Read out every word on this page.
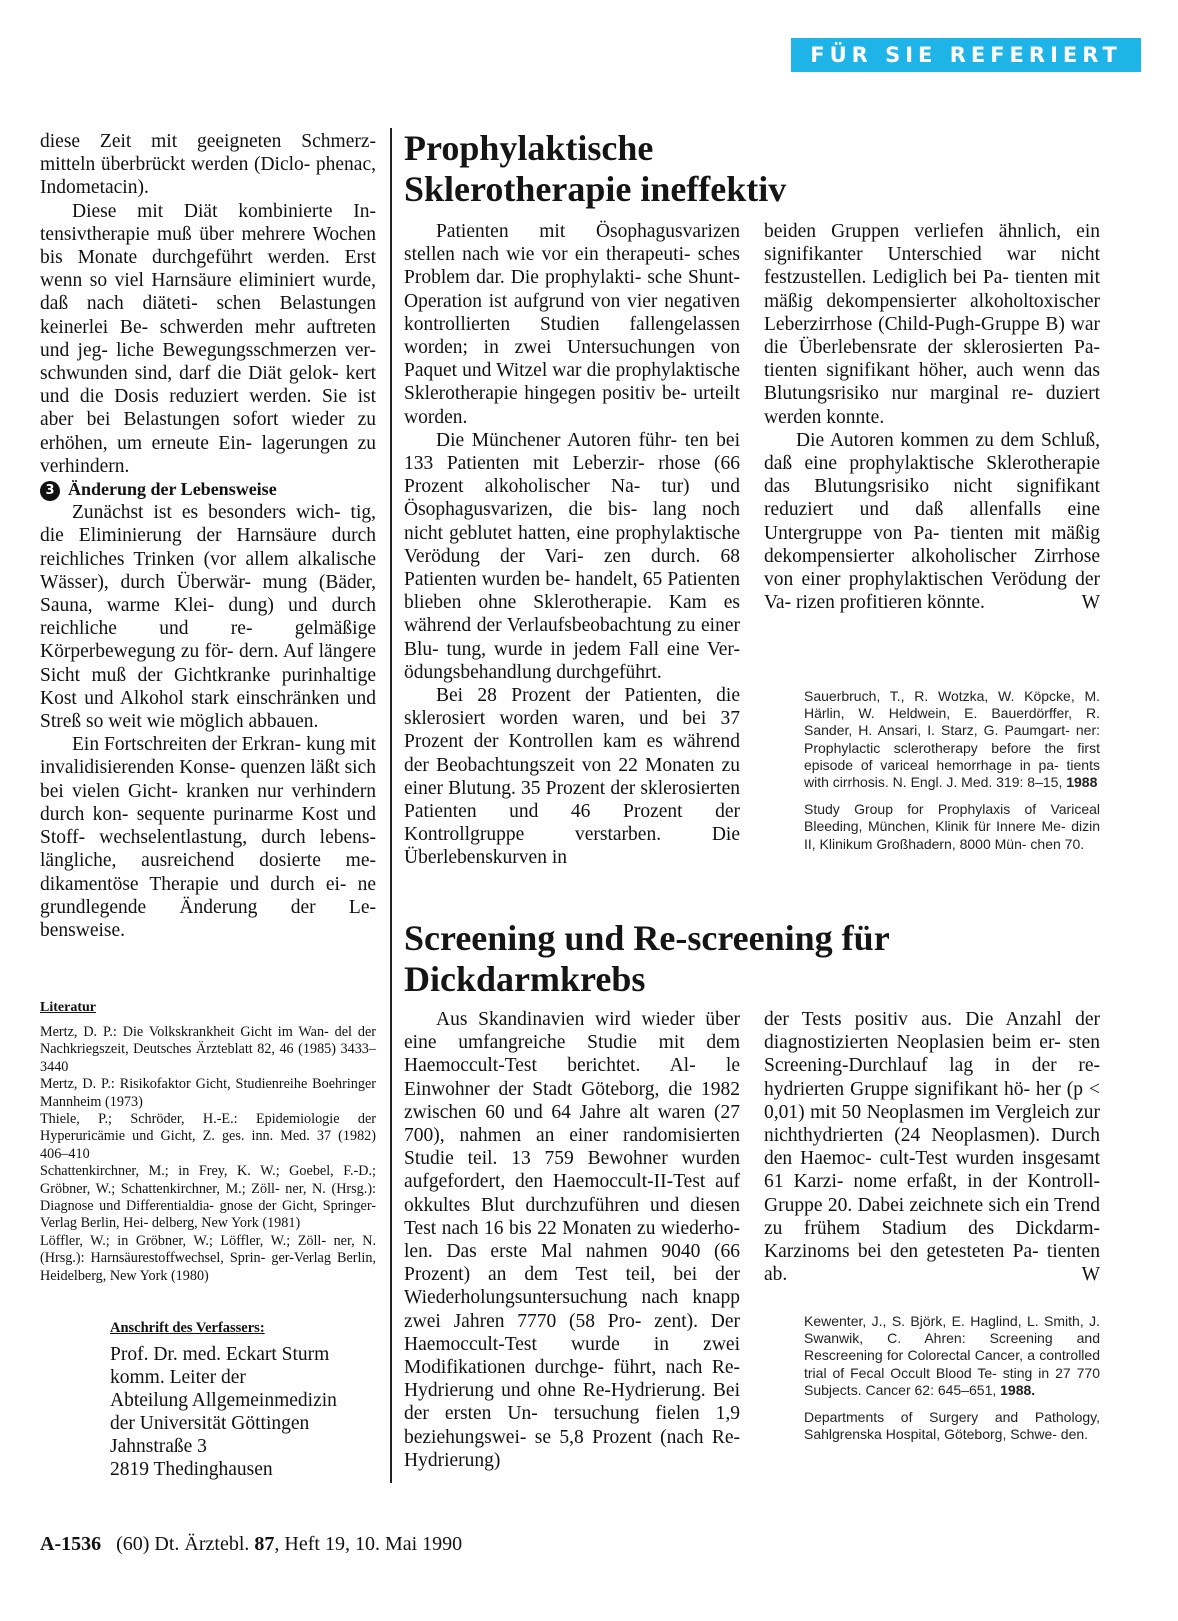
FÜR SIE REFERIERT

diese Zeit mit geeigneten Schmerz- mitteln überbrückt werden (Diclo- phenac, Indometacin).

Diese mit Diät kombinierte In- tensivtherapie muß über mehrere Wochen bis Monate durchgeführt werden. Erst wenn so viel Harnsäure eliminiert wurde, daß nach diäteti- schen Belastungen keinerlei Be- schwerden mehr auftreten und jeg- liche Bewegungsschmerzen ver- schwunden sind, darf die Diät gelok- kert und die Dosis reduziert werden. Sie ist aber bei Belastungen sofort wieder zu erhöhen, um erneute Ein- lagerungen zu verhindern.

3 Änderung der Lebensweise

Zunächst ist es besonders wich- tig, die Eliminierung der Harnsäure durch reichliches Trinken (vor allem alkalische Wässer), durch Überwär- mung (Bäder, Sauna, warme Klei- dung) und durch reichliche und re- gelmäßige Körperbewegung zu för- dern. Auf längere Sicht muß der Gichtkranke purinhaltige Kost und Alkohol stark einschränken und Streß so weit wie möglich abbauen.

Ein Fortschreiten der Erkran- kung mit invalidisierenden Konse- quenzen läßt sich bei vielen Gicht- kranken nur verhindern durch kon- sequente purinarme Kost und Stoff- wechselentlastung, durch lebens- längliche, ausreichend dosierte me- dikamentöse Therapie und durch ei- ne grundlegende Änderung der Le- bensweise.

Literatur

Mertz, D. P.: Die Volkskrankheit Gicht im Wan- del der Nachkriegszeit, Deutsches Ärzteblatt 82, 46 (1985) 3433–3440

Mertz, D. P.: Risikofaktor Gicht, Studienreihe Boehringer Mannheim (1973)

Thiele, P.; Schröder, H.-E.: Epidemiologie der Hyperuricämie und Gicht, Z. ges. inn. Med. 37 (1982) 406–410

Schattenkirchner, M.; in Frey, K. W.; Goebel, F.-D.; Gröbner, W.; Schattenkirchner, M.; Zöll- ner, N. (Hrsg.): Diagnose und Differentialdia- gnose der Gicht, Springer-Verlag Berlin, Hei- delberg, New York (1981)

Löffler, W.; in Gröbner, W.; Löffler, W.; Zöll- ner, N. (Hrsg.): Harnsäurestoffwechsel, Sprin- ger-Verlag Berlin, Heidelberg, New York (1980)

Anschrift des Verfassers:
Prof. Dr. med. Eckart Sturm
komm. Leiter der
Abteilung Allgemeinmedizin
der Universität Göttingen
Jahnstraße 3
2819 Thedinghausen
Prophylaktische
Sklerotherapie ineffektiv

Patienten mit Ösophagusvarizen stellen nach wie vor ein therapeuti- sches Problem dar. Die prophylakti- sche Shunt-Operation ist aufgrund von vier negativen kontrollierten Studien fallengelassen worden; in zwei Untersuchungen von Paquet und Witzel war die prophylaktische Sklerotherapie hingegen positiv be- urteilt worden.

Die Münchener Autoren führ- ten bei 133 Patienten mit Leberzir- rhose (66 Prozent alkoholischer Na- tur) und Ösophagusvarizen, die bis- lang noch nicht geblutet hatten, eine prophylaktische Verödung der Vari- zen durch. 68 Patienten wurden be- handelt, 65 Patienten blieben ohne Sklerotherapie. Kam es während der Verlaufsbeobachtung zu einer Blu- tung, wurde in jedem Fall eine Ver- ödungsbehandlung durchgeführt.

Bei 28 Prozent der Patienten, die sklerosiert worden waren, und bei 37 Prozent der Kontrollen kam es während der Beobachtungszeit von 22 Monaten zu einer Blutung. 35 Prozent der sklerosierten Patienten und 46 Prozent der Kontrollgruppe verstarben. Die Überlebenskurven in

beiden Gruppen verliefen ähnlich, ein signifikanter Unterschied war nicht festzustellen. Lediglich bei Pa- tienten mit mäßig dekompensierter alkoholtoxischer Leberzirrhose (Child-Pugh-Gruppe B) war die Überlebensrate der sklerosierten Pa- tienten signifikant höher, auch wenn das Blutungsrisiko nur marginal re- duziert werden konnte.

Die Autoren kommen zu dem Schluß, daß eine prophylaktische Sklerotherapie das Blutungsrisiko nicht signifikant reduziert und daß allenfalls eine Untergruppe von Pa- tienten mit mäßig dekompensierter alkoholischer Zirrhose von einer prophylaktischen Verödung der Va- rizen profitieren könnte.	W

Sauerbruch, T., R. Wotzka, W. Köpcke, M. Härlin, W. Heldwein, E. Bauerdörffer, R. Sander, H. Ansari, I. Starz, G. Paumgart- ner: Prophylactic sclerotherapy before the first episode of variceal hemorrhage in pa- tients with cirrhosis. N. Engl. J. Med. 319: 8–15, 1988

Study Group for Prophylaxis of Variceal Bleeding, München, Klinik für Innere Me- dizin II, Klinikum Großhadern, 8000 Mün- chen 70.

Screening und Re-screening für
Dickdarmkrebs

Aus Skandinavien wird wieder über eine umfangreiche Studie mit dem Haemoccult-Test berichtet. Al- le Einwohner der Stadt Göteborg, die 1982 zwischen 60 und 64 Jahre alt waren (27 700), nahmen an einer randomisierten Studie teil. 13 759 Bewohner wurden aufgefordert, den Haemoccult-II-Test auf okkultes Blut durchzuführen und diesen Test nach 16 bis 22 Monaten zu wiederho- len. Das erste Mal nahmen 9040 (66 Prozent) an dem Test teil, bei der Wiederholungsuntersuchung nach knapp zwei Jahren 7770 (58 Pro- zent). Der Haemoccult-Test wurde in zwei Modifikationen durchge- führt, nach Re-Hydrierung und ohne Re-Hydrierung. Bei der ersten Un- tersuchung fielen 1,9 beziehungswei- se 5,8 Prozent (nach Re-Hydrierung)

der Tests positiv aus. Die Anzahl der diagnostizierten Neoplasien beim er- sten Screening-Durchlauf lag in der re-hydrierten Gruppe signifikant hö- her (p < 0,01) mit 50 Neoplasmen im Vergleich zur nichthydrierten (24 Neoplasmen). Durch den Haemoc- cult-Test wurden insgesamt 61 Karzi- nome erfaßt, in der Kontroll-Gruppe 20. Dabei zeichnete sich ein Trend zu frühem Stadium des Dickdarm- Karzinoms bei den getesteten Pa- tienten ab.	W

Kewenter, J., S. Björk, E. Haglind, L. Smith, J. Swanwik, C. Ahren: Screening and Rescreening for Colorectal Cancer, a controlled trial of Fecal Occult Blood Te- sting in 27 770 Subjects. Cancer 62: 645–651, 1988.

Departments of Surgery and Pathology, Sahlgrenska Hospital, Göteborg, Schwe- den.

A-1536 (60) Dt. Ärztebl. 87, Heft 19, 10. Mai 1990
